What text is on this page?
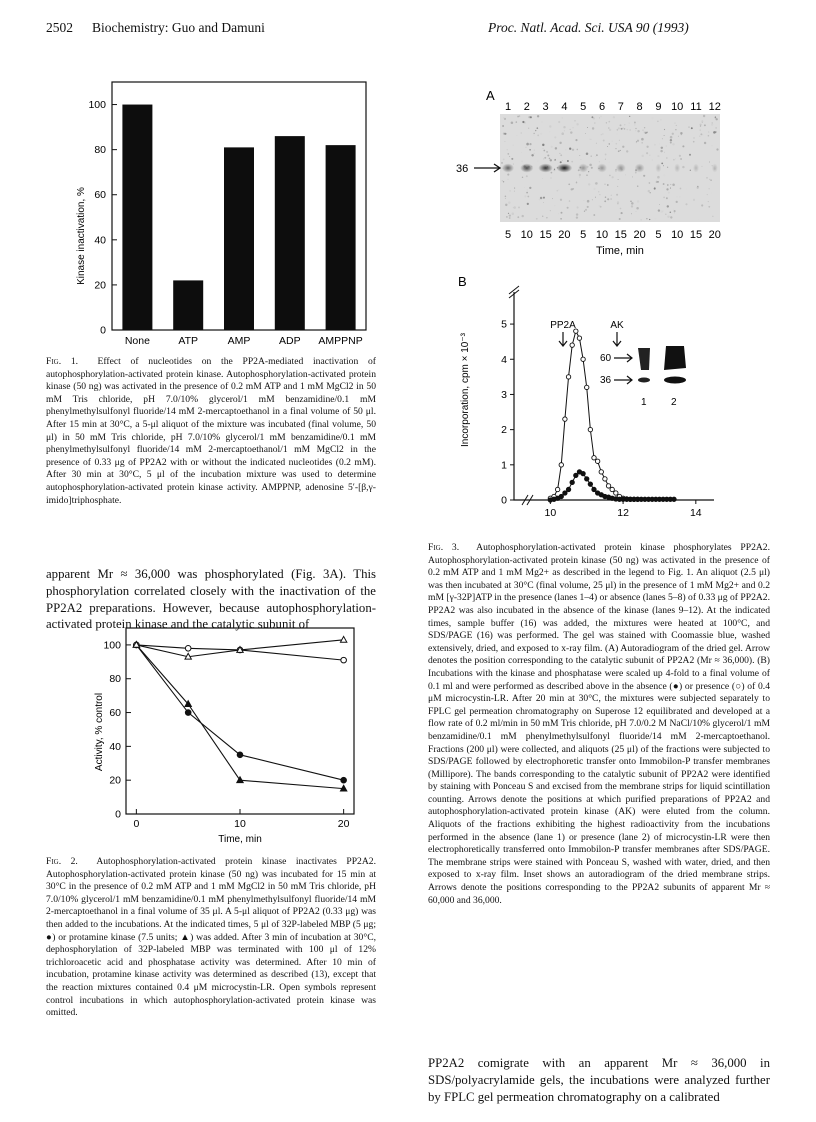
2502 Biochemistry: Guo and Damuni	Proc. Natl. Acad. Sci. USA 90 (1993)
0
20
40
60
80
100
None	ATP	AMP	ADP AMPPNP
Kinase inactivation, %
Fig. 1. Effect of nucleotides on the PP2A-mediated inactivation of autophosphorylation-activated protein kinase. Autophosphorylation-activated protein kinase (50 ng) was activated in the presence of 0.2 mM ATP and 1 mM MgCl2 in 50 mM Tris chloride, pH 7.0/10% glycerol/1 mM benzamidine/0.1 mM phenylmethylsulfonyl fluoride/14 mM 2-mercaptoethanol in a final volume of 50 μl. After 15 min at 30°C, a 5-μl aliquot of the mixture was incubated (final volume, 50 μl) in 50 mM Tris chloride, pH 7.0/10% glycerol/1 mM benzamidine/0.1 mM phenylmethylsulfonyl fluoride/14 mM 2-mercaptoethanol/1 mM MgCl2 in the presence of 0.33 μg of PP2A2 with or without the indicated nucleotides (0.2 mM). After 30 min at 30°C, 5 μl of the incubation mixture was used to determine autophosphorylation-activated protein kinase activity. AMPPNP, adenosine 5′-[β,γ-imido]triphosphate.
apparent Mr ≈ 36,000 was phosphorylated (Fig. 3A). This phosphorylation correlated closely with the inactivation of the PP2A2 preparations. However, because autophosphorylation-activated protein kinase and the catalytic subunit of
0
20
40
60
80
100
0	10	20
Activity, % control
Time, min
Fig. 2. Autophosphorylation-activated protein kinase inactivates PP2A2. Autophosphorylation-activated protein kinase (50 ng) was incubated for 15 min at 30°C in the presence of 0.2 mM ATP and 1 mM MgCl2 in 50 mM Tris chloride, pH 7.0/10% glycerol/1 mM benzamidine/0.1 mM phenylmethylsulfonyl fluoride/14 mM 2-mercaptoethanol in a final volume of 35 μl. A 5-μl aliquot of PP2A2 (0.33 μg) was then added to the incubations. At the indicated times, 5 μl of 32P-labeled MBP (5 μg; ●) or protamine kinase (7.5 units; ▲) was added. After 3 min of incubation at 30°C, dephosphorylation of 32P-labeled MBP was terminated with 100 μl of 12% trichloroacetic acid and phosphatase activity was determined. After 10 min of incubation, protamine kinase activity was determined as described (13), except that the reaction mixtures contained 0.4 μM microcystin-LR. Open symbols represent control incubations in which autophosphorylation-activated protein kinase was omitted.
A
1 2 3 4 5 6 7 8 9 10 11 12
5 10 15 20 5 10 15 20 5 10 15 20
36
Time, min
B
0
1
2
3
4
5
10	12	14
Incorporation, cpm × 10⁻³
PP2A	AK
60
36
1 2
Fig. 3. Autophosphorylation-activated protein kinase phosphorylates PP2A2. Autophosphorylation-activated protein kinase (50 ng) was activated in the presence of 0.2 mM ATP and 1 mM Mg2+ as described in the legend to Fig. 1. An aliquot (2.5 μl) was then incubated at 30°C (final volume, 25 μl) in the presence of 1 mM Mg2+ and 0.2 mM [γ-32P]ATP in the presence (lanes 1–4) or absence (lanes 5–8) of 0.33 μg of PP2A2. PP2A2 was also incubated in the absence of the kinase (lanes 9–12). At the indicated times, sample buffer (16) was added, the mixtures were heated at 100°C, and SDS/PAGE (16) was performed. The gel was stained with Coomassie blue, washed extensively, dried, and exposed to x-ray film. (A) Autoradiogram of the dried gel. Arrow denotes the position corresponding to the catalytic subunit of PP2A2 (Mr ≈ 36,000). (B) Incubations with the kinase and phosphatase were scaled up 4-fold to a final volume of 0.1 ml and were performed as described above in the absence (●) or presence (○) of 0.4 μM microcystin-LR. After 20 min at 30°C, the mixtures were subjected separately to FPLC gel permeation chromatography on Superose 12 equilibrated and developed at a flow rate of 0.2 ml/min in 50 mM Tris chloride, pH 7.0/0.2 M NaCl/10% glycerol/1 mM benzamidine/0.1 mM phenylmethylsulfonyl fluoride/14 mM 2-mercaptoethanol. Fractions (200 μl) were collected, and aliquots (25 μl) of the fractions were subjected to SDS/PAGE followed by electrophoretic transfer onto Immobilon-P transfer membranes (Millipore). The bands corresponding to the catalytic subunit of PP2A2 were identified by staining with Ponceau S and excised from the membrane strips for liquid scintillation counting. Arrows denote the positions at which purified preparations of PP2A2 and autophosphorylation-activated protein kinase (AK) were eluted from the column. Aliquots of the fractions exhibiting the highest radioactivity from the incubations performed in the absence (lane 1) or presence (lane 2) of microcystin-LR were then electrophoretically transferred onto Immobilon-P transfer membranes after SDS/PAGE. The membrane strips were stained with Ponceau S, washed with water, dried, and then exposed to x-ray film. Inset shows an autoradiogram of the dried membrane strips. Arrows denote the positions corresponding to the PP2A2 subunits of apparent Mr ≈ 60,000 and 36,000.
PP2A2 comigrate with an apparent Mr ≈ 36,000 in SDS/polyacrylamide gels, the incubations were analyzed further by FPLC gel permeation chromatography on a calibrated
